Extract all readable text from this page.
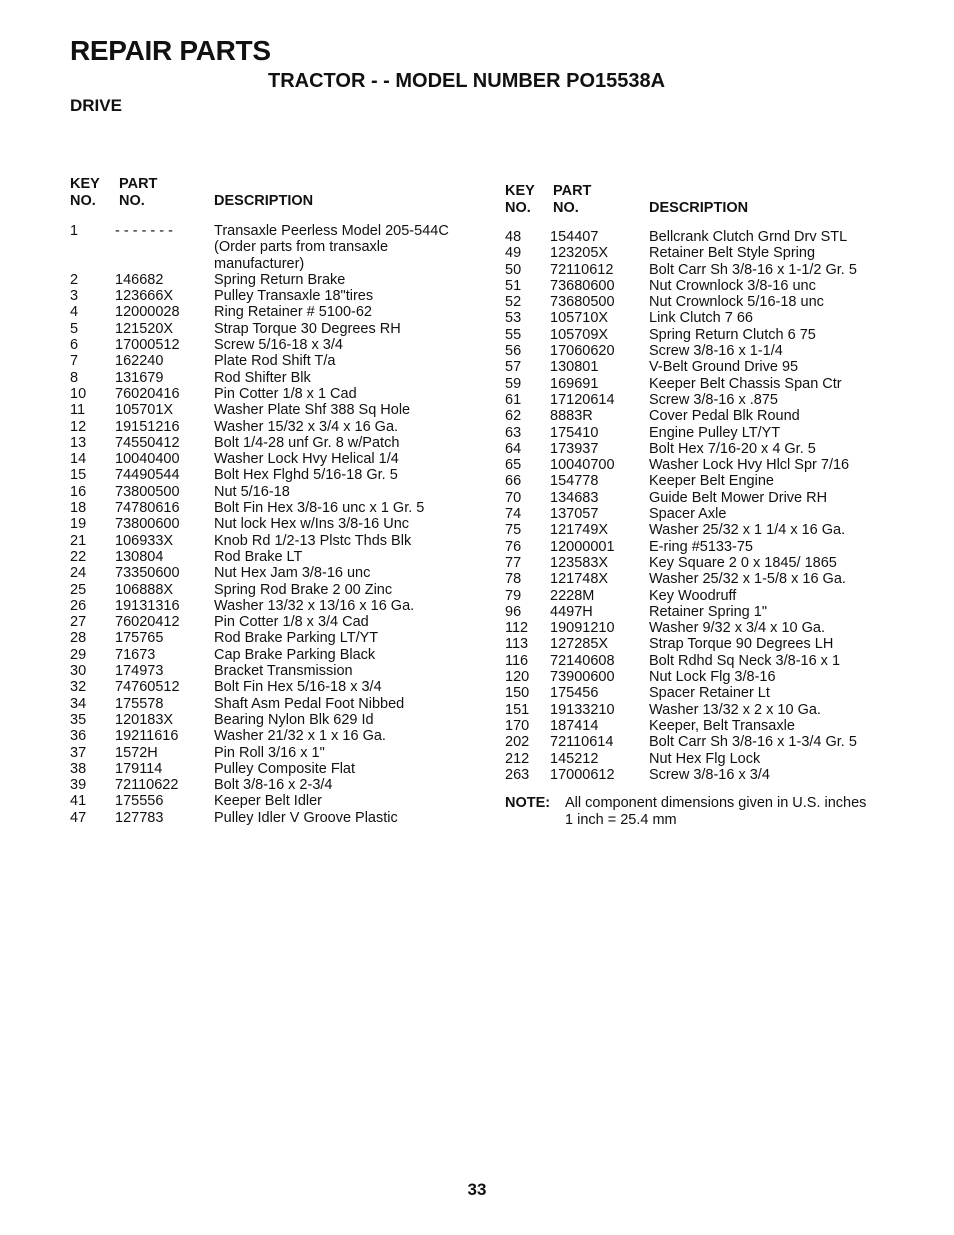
REPAIR PARTS
TRACTOR - - MODEL NUMBER PO15538A
DRIVE
KEY
NO.
PART
NO.	DESCRIPTION
1	- - - - - - -	Transaxle Peerless Model 205-544C (Order parts from transaxle manufacturer)
2	146682	Spring Return Brake
3	123666X	Pulley Transaxle 18"tires
4	12000028 Ring Retainer # 5100-62
5	121520X	Strap Torque 30 Degrees RH
6	17000512 Screw 5/16-18 x 3/4
7	162240	Plate Rod Shift T/a
8	131679	Rod Shifter Blk
10 76020416 Pin Cotter 1/8 x 1 Cad
11 105701X	Washer Plate Shf 388 Sq Hole
12 19151216 Washer 15/32 x 3/4 x 16 Ga.
13 74550412 Bolt 1/4-28 unf Gr. 8 w/Patch
14 10040400 Washer Lock Hvy Helical 1/4
15 74490544 Bolt Hex Flghd 5/16-18 Gr. 5
16 73800500 Nut 5/16-18
18 74780616 Bolt Fin Hex 3/8-16 unc x 1 Gr. 5
19 73800600 Nut lock Hex w/Ins 3/8-16 Unc
21 106933X	Knob Rd 1/2-13 Plstc Thds Blk
22 130804	Rod Brake LT
24 73350600 Nut Hex Jam 3/8-16 unc
25 106888X	Spring Rod Brake 2 00 Zinc
26 19131316 Washer 13/32 x 13/16 x 16 Ga.
27 76020412 Pin Cotter 1/8 x 3/4 Cad
28 175765	Rod Brake Parking LT/YT
29 71673	Cap Brake Parking Black
30 174973	Bracket Transmission
32 74760512 Bolt Fin Hex 5/16-18 x 3/4
34 175578	Shaft Asm Pedal Foot Nibbed
35 120183X	Bearing Nylon Blk 629 Id
36 19211616 Washer 21/32 x 1 x 16 Ga.
37 1572H	Pin Roll 3/16 x 1"
38 179114	Pulley Composite Flat
39 72110622 Bolt 3/8-16 x 2-3/4
41 175556	Keeper Belt Idler
47 127783	Pulley Idler V Groove Plastic
KEY
NO.
PART
NO.	DESCRIPTION
48 154407	Bellcrank Clutch Grnd Drv STL
49 123205X	Retainer Belt Style Spring
50 72110612 Bolt Carr Sh 3/8-16 x 1-1/2 Gr. 5
51 73680600 Nut Crownlock 3/8-16 unc
52 73680500 Nut Crownlock 5/16-18 unc
53 105710X	Link Clutch 7 66
55 105709X	Spring Return Clutch 6 75
56 17060620 Screw 3/8-16 x 1-1/4
57 130801	V-Belt Ground Drive 95
59 169691	Keeper Belt Chassis Span Ctr
61 17120614 Screw 3/8-16 x .875
62 8883R	Cover Pedal Blk Round
63 175410	Engine Pulley LT/YT
64 173937	Bolt Hex 7/16-20 x 4 Gr. 5
65 10040700 Washer Lock Hvy Hlcl Spr 7/16
66 154778	Keeper Belt Engine
70 134683	Guide Belt Mower Drive RH
74 137057	Spacer Axle
75 121749X	Washer 25/32 x 1 1/4 x 16 Ga.
76 12000001 E-ring #5133-75
77 123583X	Key Square 2 0 x 1845/ 1865
78 121748X	Washer 25/32 x 1-5/8 x 16 Ga.
79 2228M	Key Woodruff
96 4497H	Retainer Spring 1"
112 19091210 Washer 9/32 x 3/4 x 10 Ga.
113 127285X	Strap Torque 90 Degrees LH
116 72140608 Bolt Rdhd Sq Neck 3/8-16 x 1
120 73900600 Nut Lock Flg 3/8-16
150 175456	Spacer Retainer Lt
151 19133210 Washer 13/32 x 2 x 10 Ga.
170 187414	Keeper, Belt Transaxle
202 72110614 Bolt Carr Sh 3/8-16 x 1-3/4 Gr. 5
212 145212	Nut Hex Flg Lock
263 17000612 Screw 3/8-16 x 3/4
NOTE: All component dimensions given in U.S. inches
1 inch = 25.4 mm
33
